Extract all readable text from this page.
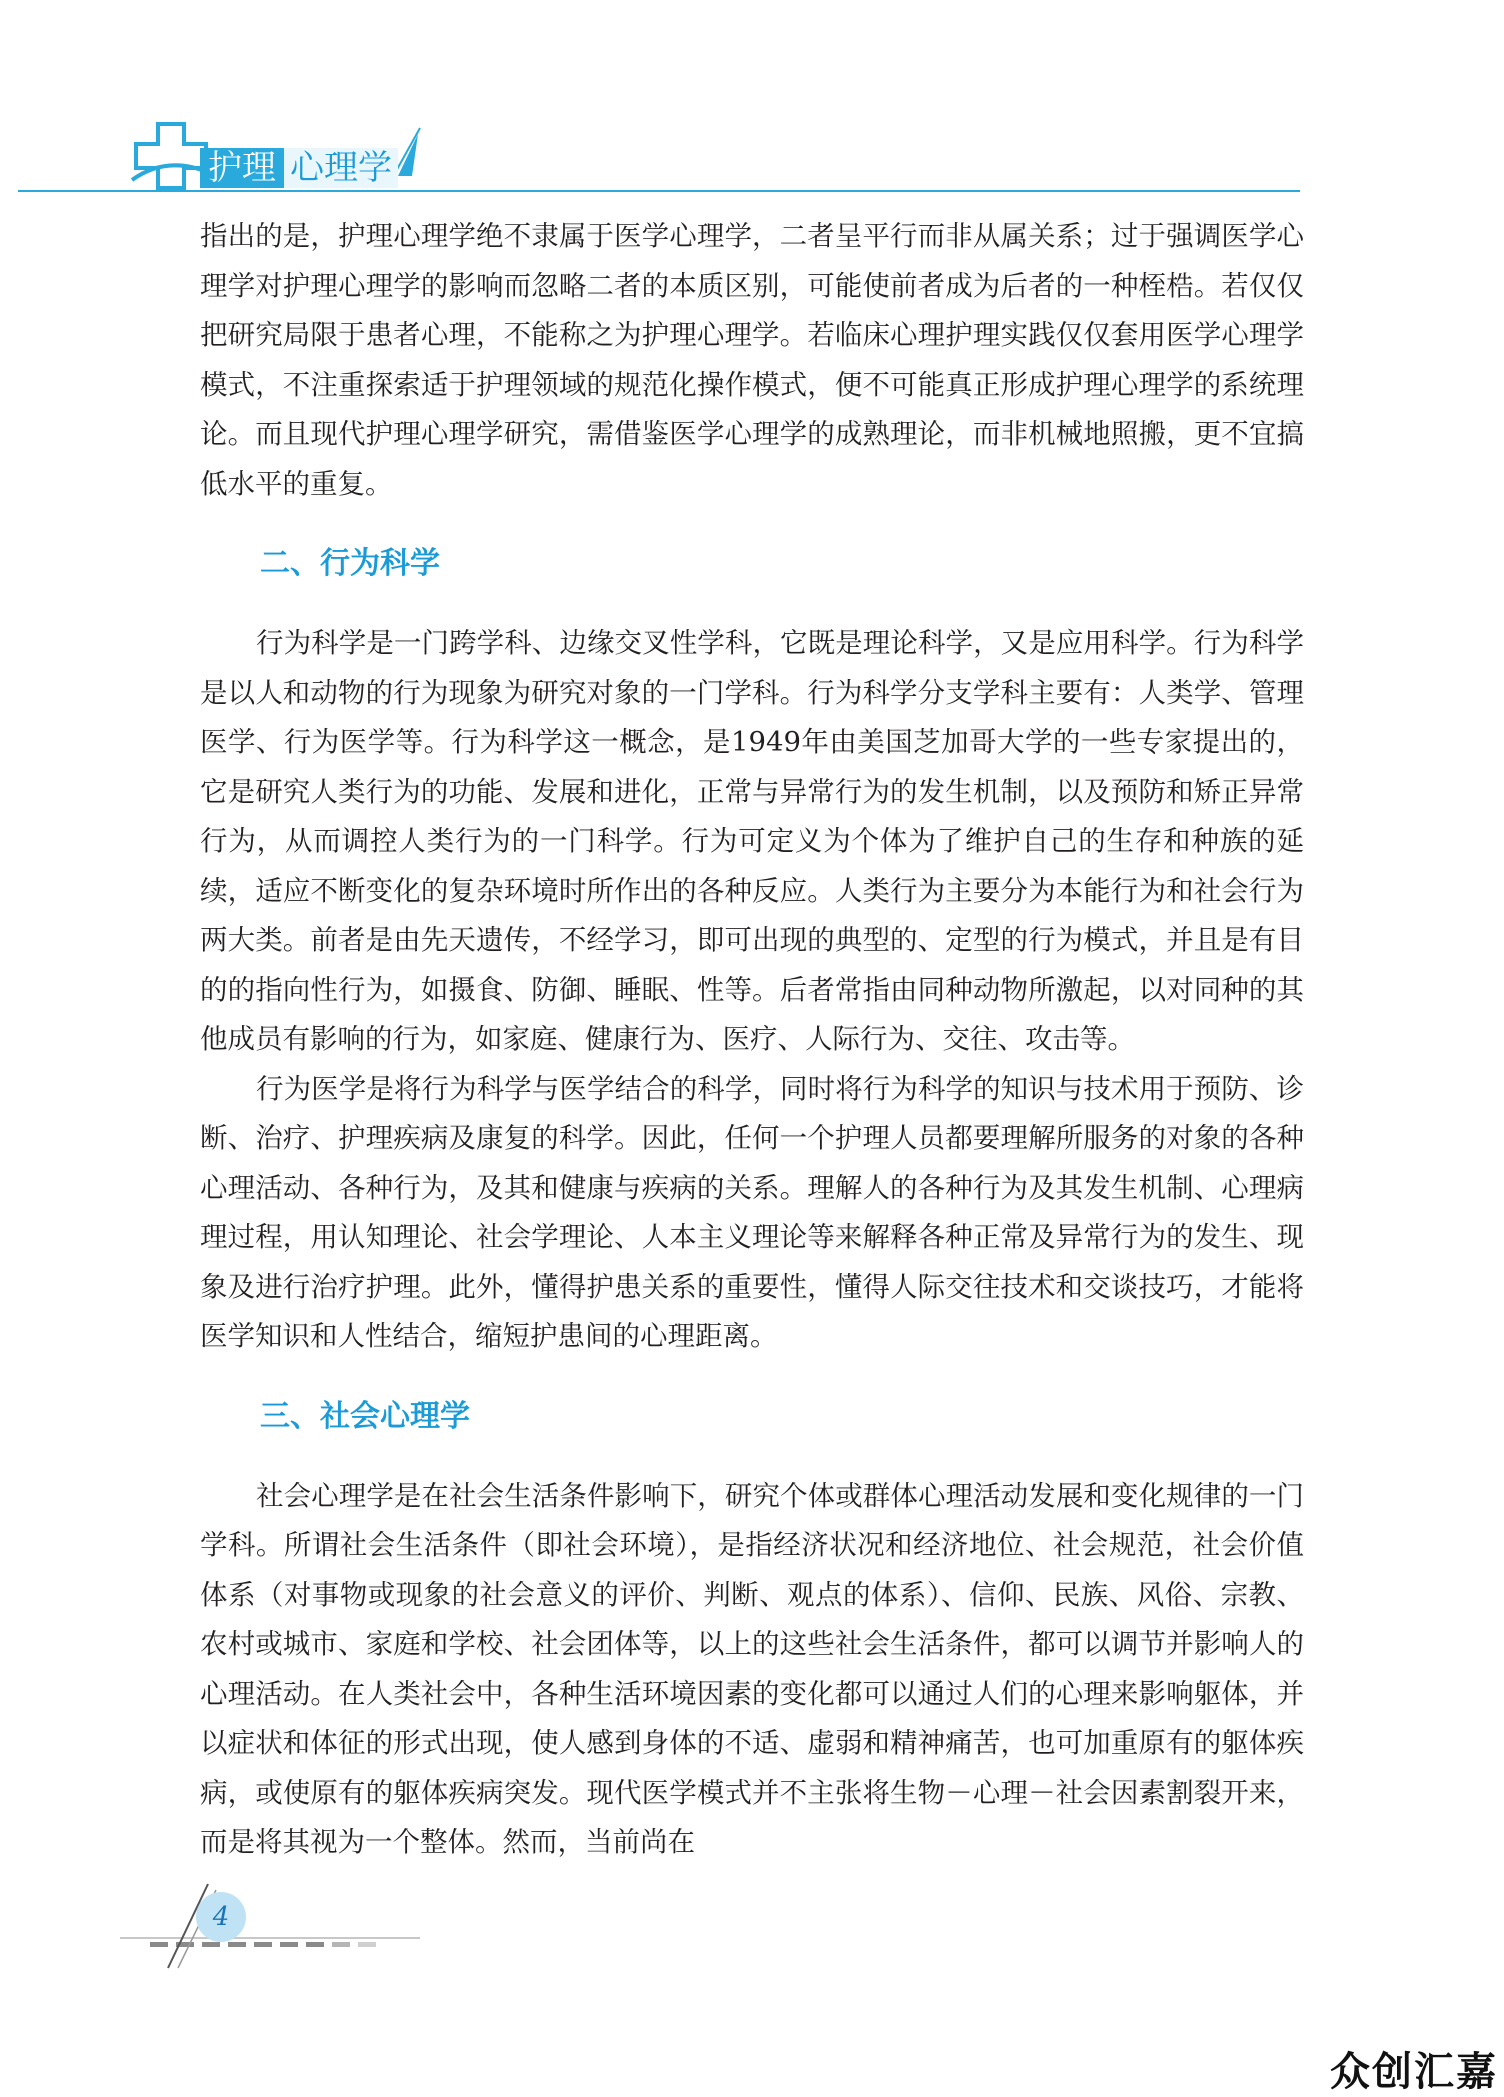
护理 心理学

指出的是，护理心理学绝不隶属于医学心理学，二者呈平行而非从属关系；过于强调医学心理学对护理心理学的影响而忽略二者的本质区别，可能使前者成为后者的一种桎梏。若仅仅把研究局限于患者心理，不能称之为护理心理学。若临床心理护理实践仅仅套用医学心理学模式，不注重探索适于护理领域的规范化操作模式，便不可能真正形成护理心理学的系统理论。而且现代护理心理学研究，需借鉴医学心理学的成熟理论，而非机械地照搬，更不宜搞低水平的重复。

二、行为科学

行为科学是一门跨学科、边缘交叉性学科，它既是理论科学，又是应用科学。行为科学是以人和动物的行为现象为研究对象的一门学科。行为科学分支学科主要有：人类学、管理医学、行为医学等。行为科学这一概念，是1949年由美国芝加哥大学的一些专家提出的，它是研究人类行为的功能、发展和进化，正常与异常行为的发生机制，以及预防和矫正异常行为，从而调控人类行为的一门科学。行为可定义为个体为了维护自己的生存和种族的延续，适应不断变化的复杂环境时所作出的各种反应。人类行为主要分为本能行为和社会行为两大类。前者是由先天遗传，不经学习，即可出现的典型的、定型的行为模式，并且是有目的的指向性行为，如摄食、防御、睡眠、性等。后者常指由同种动物所激起，以对同种的其他成员有影响的行为，如家庭、健康行为、医疗、人际行为、交往、攻击等。

行为医学是将行为科学与医学结合的科学，同时将行为科学的知识与技术用于预防、诊断、治疗、护理疾病及康复的科学。因此，任何一个护理人员都要理解所服务的对象的各种心理活动、各种行为，及其和健康与疾病的关系。理解人的各种行为及其发生机制、心理病理过程，用认知理论、社会学理论、人本主义理论等来解释各种正常及异常行为的发生、现象及进行治疗护理。此外，懂得护患关系的重要性，懂得人际交往技术和交谈技巧，才能将医学知识和人性结合，缩短护患间的心理距离。

三、社会心理学

社会心理学是在社会生活条件影响下，研究个体或群体心理活动发展和变化规律的一门学科。所谓社会生活条件（即社会环境），是指经济状况和经济地位、社会规范，社会价值体系（对事物或现象的社会意义的评价、判断、观点的体系）、信仰、民族、风俗、宗教、农村或城市、家庭和学校、社会团体等，以上的这些社会生活条件，都可以调节并影响人的心理活动。在人类社会中，各种生活环境因素的变化都可以通过人们的心理来影响躯体，并以症状和体征的形式出现，使人感到身体的不适、虚弱和精神痛苦，也可加重原有的躯体疾病，或使原有的躯体疾病突发。现代医学模式并不主张将生物－心理－社会因素割裂开来，而是将其视为一个整体。然而，当前尚在

4
众创汇嘉
